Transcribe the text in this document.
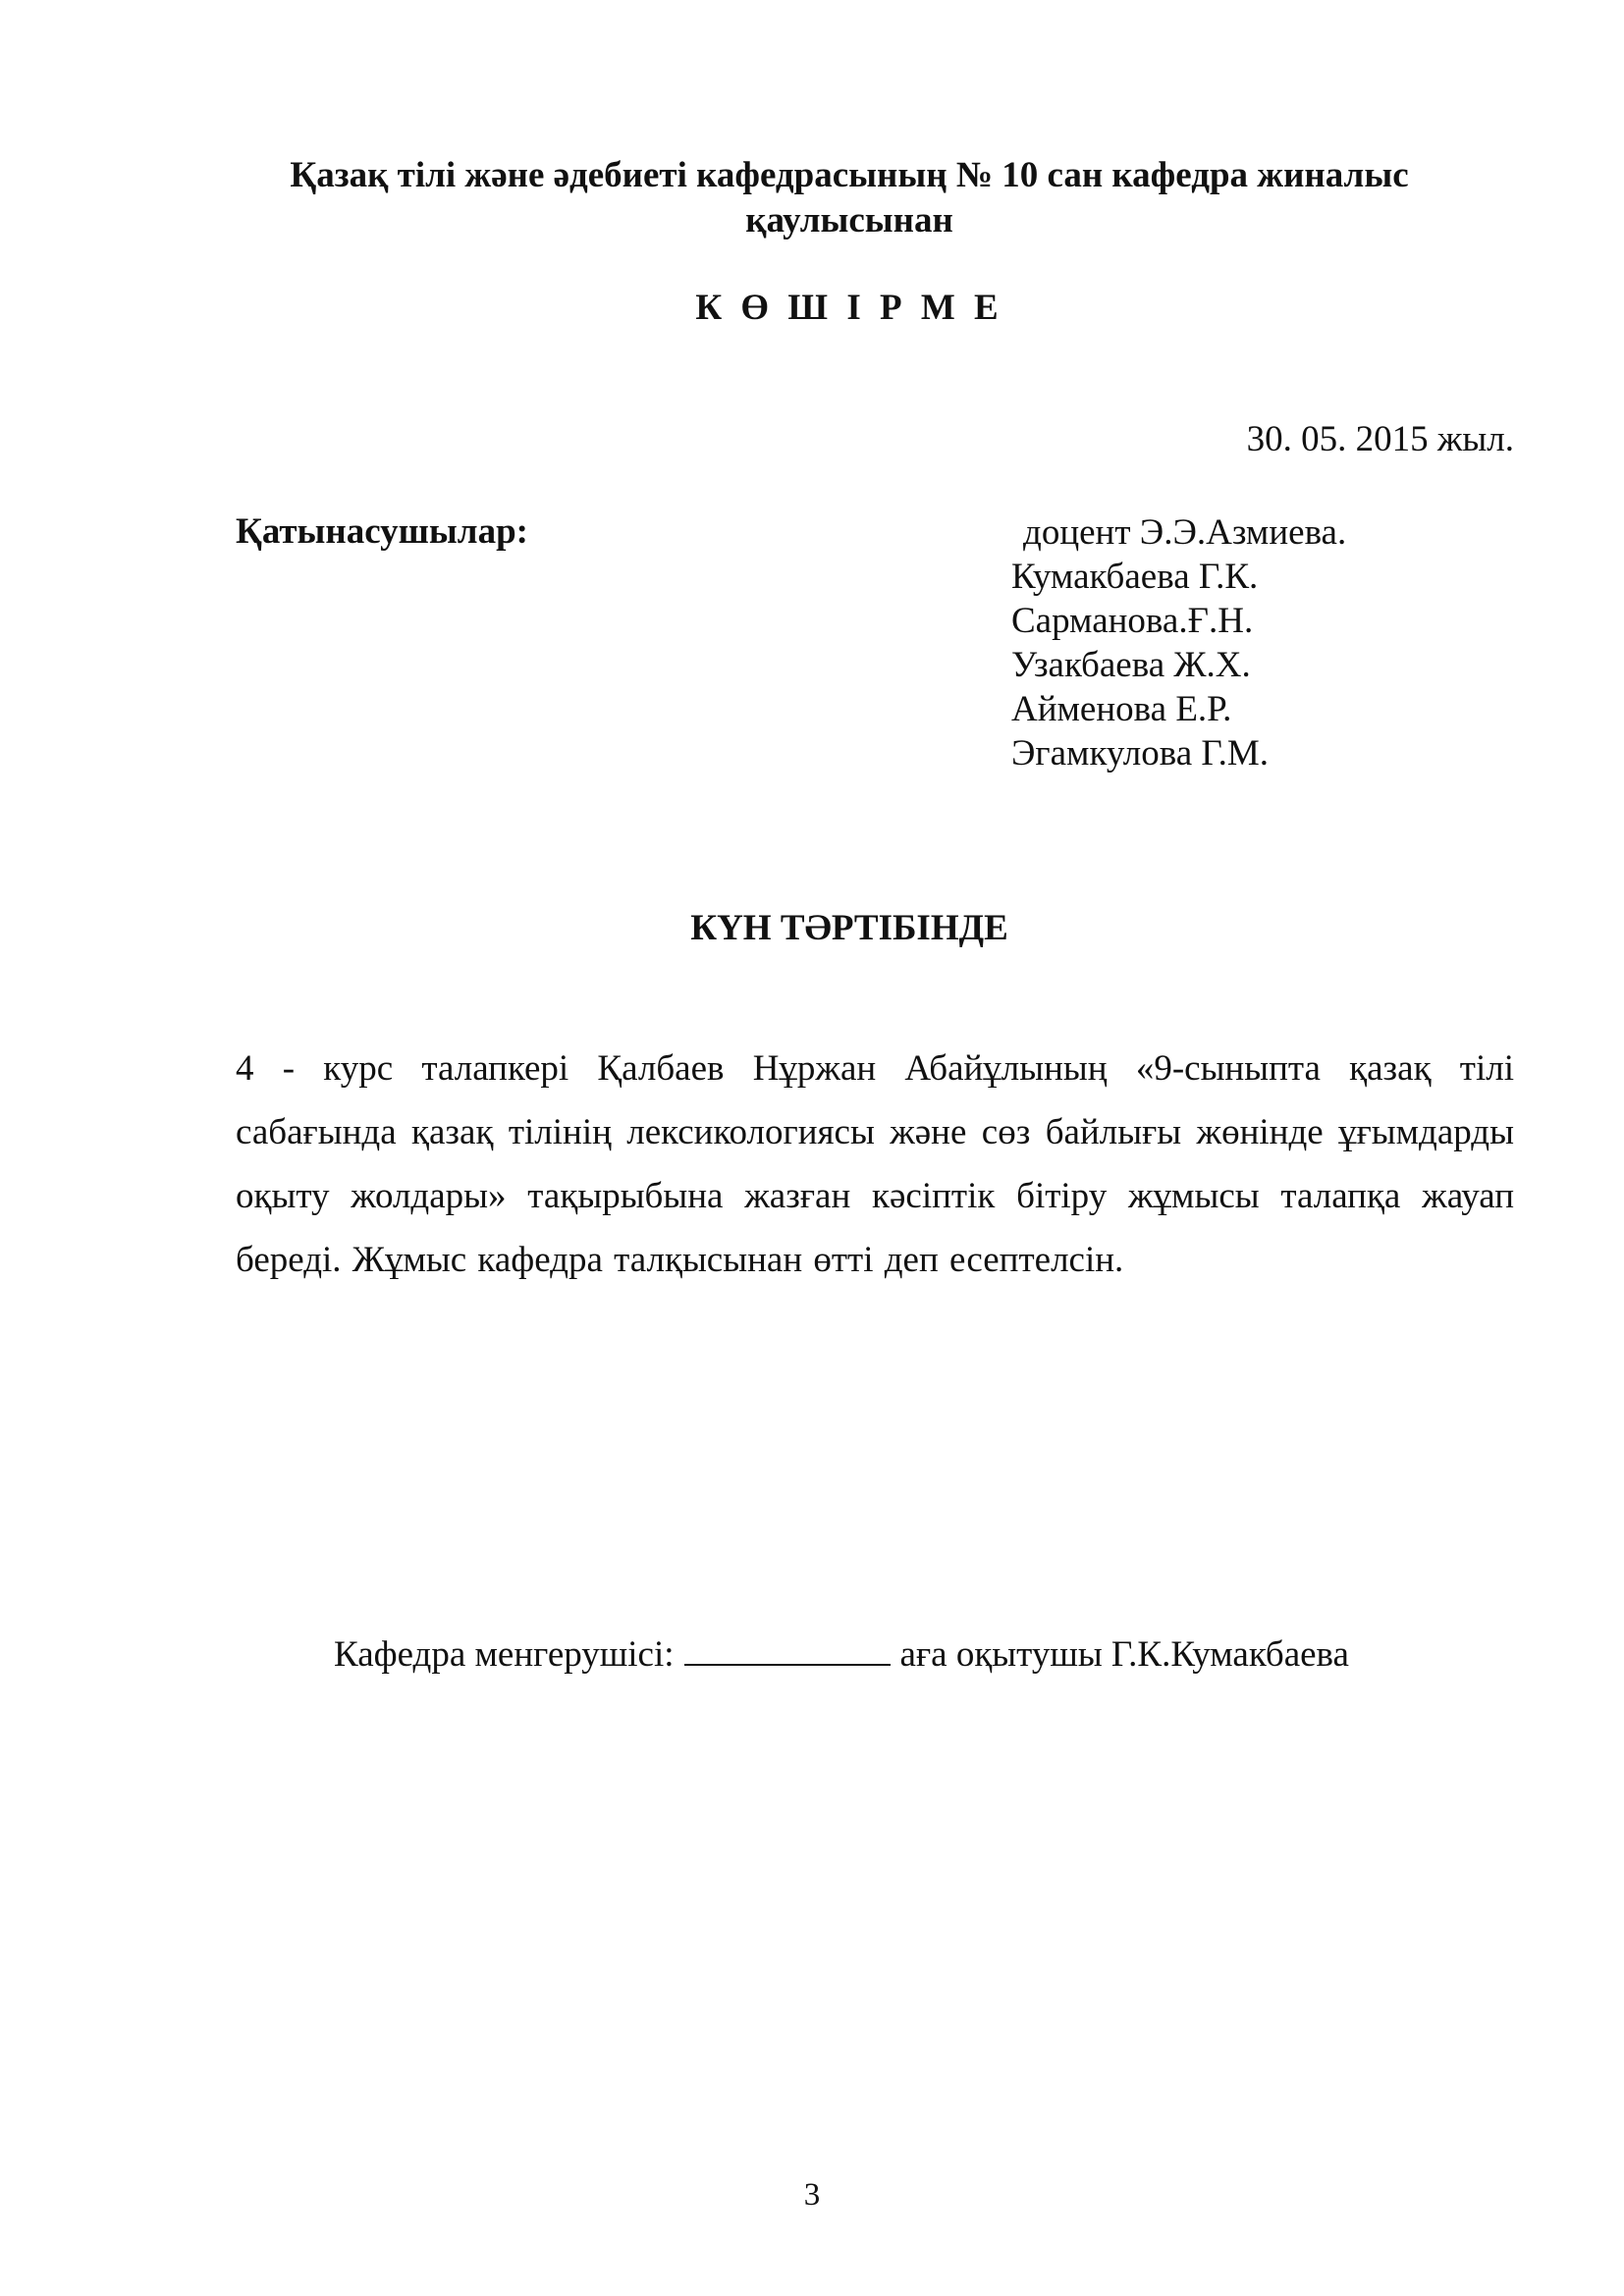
Қазақ тілі және әдебиеті кафедрасының № 10 сан кафедра жиналыс қаулысынан
К Ө Ш І Р М Е
30. 05. 2015 жыл.
Қатынасушылар:	доцент Э.Э.Азмиева.
Кумакбаева Г.К.
Сарманова.Ғ.Н.
Узакбаева Ж.Х.
Айменова Е.Р.
Эгамкулова Г.М.
КҮН ТӘРТІБІНДЕ
4 - курс талапкері Қалбаев Нұржан Абайұлының «9-сыныпта қазақ тілі сабағында қазақ тілінің лексикологиясы және сөз байлығы жөнінде ұғымдарды оқыту жолдары» тақырыбына жазған кәсіптік бітіру жұмысы талапқа жауап береді. Жұмыс кафедра талқысынан өтті деп есептелсін.
Кафедра менгерушісі:	аға оқытушы Г.К.Кумакбаева
3
